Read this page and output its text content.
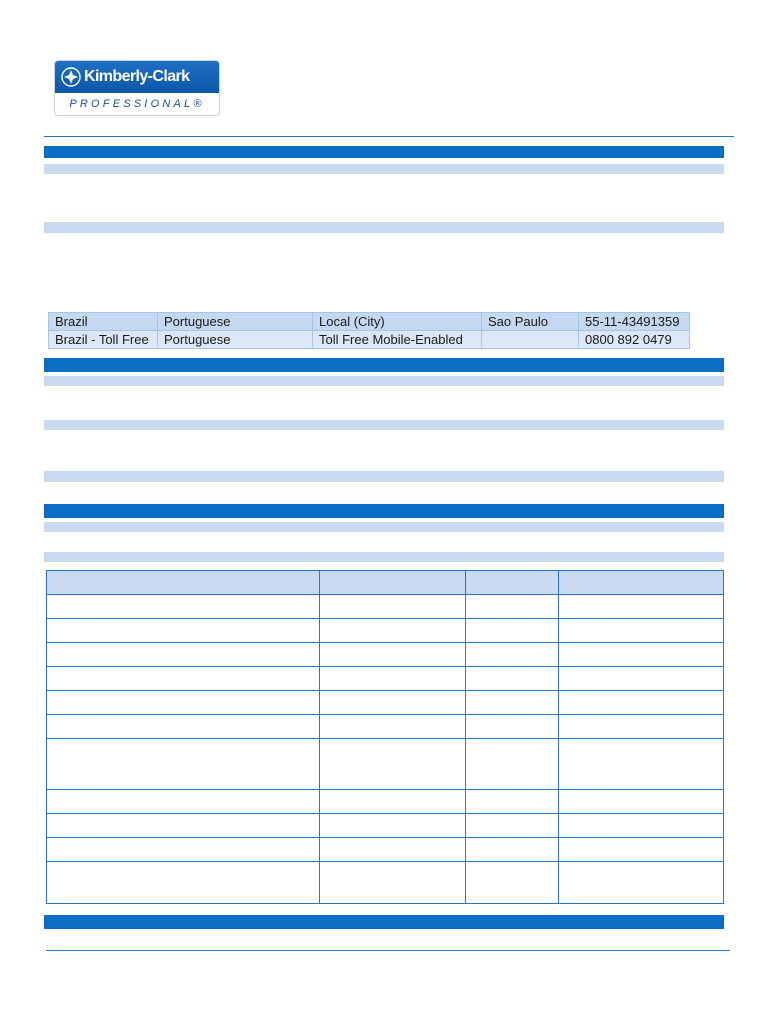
Kimberly-Clark
PROFESSIONAL®
Brazil	Portuguese	Local (City)	Sao Paulo	55-11-43491359
Brazil - Toll Free	Portuguese	Toll Free Mobile-Enabled		0800 892 0479
